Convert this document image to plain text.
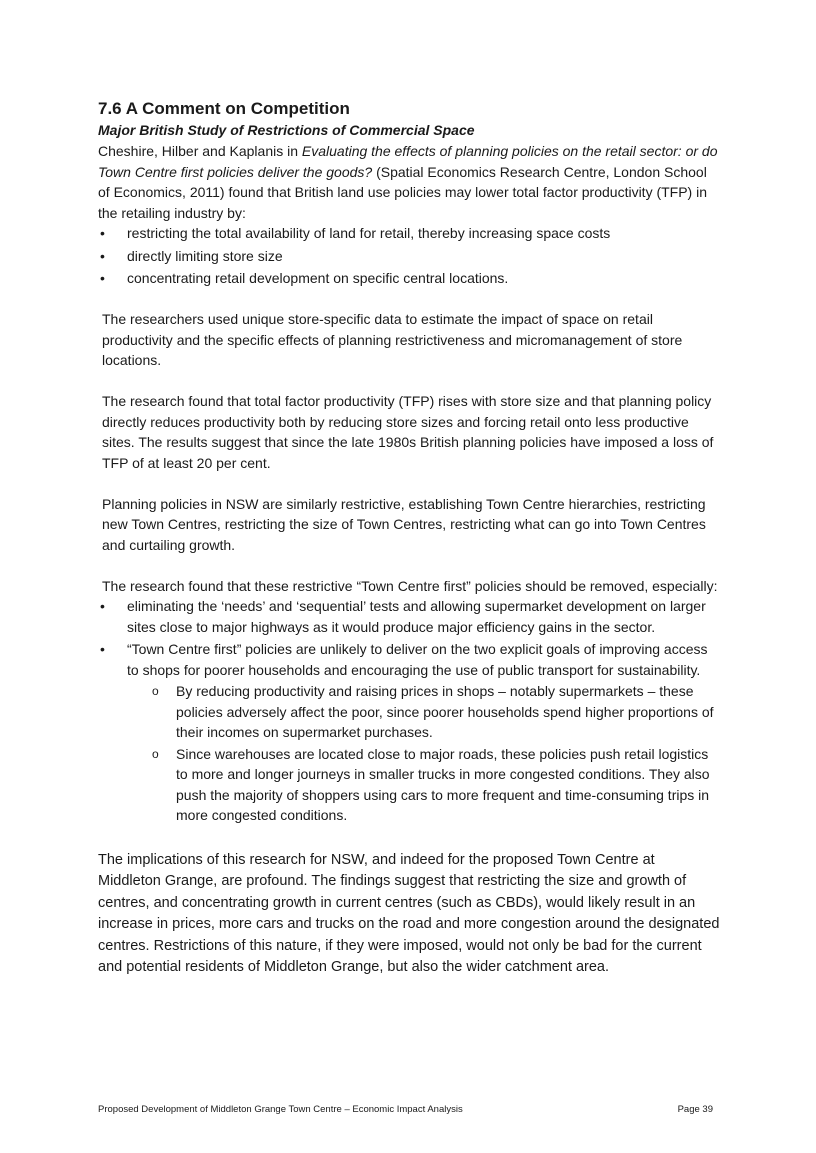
7.6 A Comment on Competition
Major British Study of Restrictions of Commercial Space

Cheshire, Hilber and Kaplanis in Evaluating the effects of planning policies on the retail sector: or do Town Centre first policies deliver the goods? (Spatial Economics Research Centre, London School of Economics, 2011) found that British land use policies may lower total factor productivity (TFP) in the retailing industry by:

• restricting the total availability of land for retail, thereby increasing space costs
• directly limiting store size
• concentrating retail development on specific central locations.

The researchers used unique store-specific data to estimate the impact of space on retail productivity and the specific effects of planning restrictiveness and micromanagement of store locations.

The research found that total factor productivity (TFP) rises with store size and that planning policy directly reduces productivity both by reducing store sizes and forcing retail onto less productive sites. The results suggest that since the late 1980s British planning policies have imposed a loss of TFP of at least 20 per cent.

Planning policies in NSW are similarly restrictive, establishing Town Centre hierarchies, restricting new Town Centres, restricting the size of Town Centres, restricting what can go into Town Centres and curtailing growth.

The research found that these restrictive “Town Centre first” policies should be removed, especially:

• eliminating the ‘needs’ and ‘sequential’ tests and allowing supermarket development on larger sites close to major highways as it would produce major efficiency gains in the sector.
• “Town Centre first” policies are unlikely to deliver on the two explicit goals of improving access to shops for poorer households and encouraging the use of public transport for sustainability.
o By reducing productivity and raising prices in shops – notably supermarkets – these policies adversely affect the poor, since poorer households spend higher proportions of their incomes on supermarket purchases.
o Since warehouses are located close to major roads, these policies push retail logistics to more and longer journeys in smaller trucks in more congested conditions. They also push the majority of shoppers using cars to more frequent and time-consuming trips in more congested conditions.

The implications of this research for NSW, and indeed for the proposed Town Centre at Middleton Grange, are profound. The findings suggest that restricting the size and growth of centres, and concentrating growth in current centres (such as CBDs), would likely result in an increase in prices, more cars and trucks on the road and more congestion around the designated centres. Restrictions of this nature, if they were imposed, would not only be bad for the current and potential residents of Middleton Grange, but also the wider catchment area.

Proposed Development of Middleton Grange Town Centre – Economic Impact Analysis	Page 39
